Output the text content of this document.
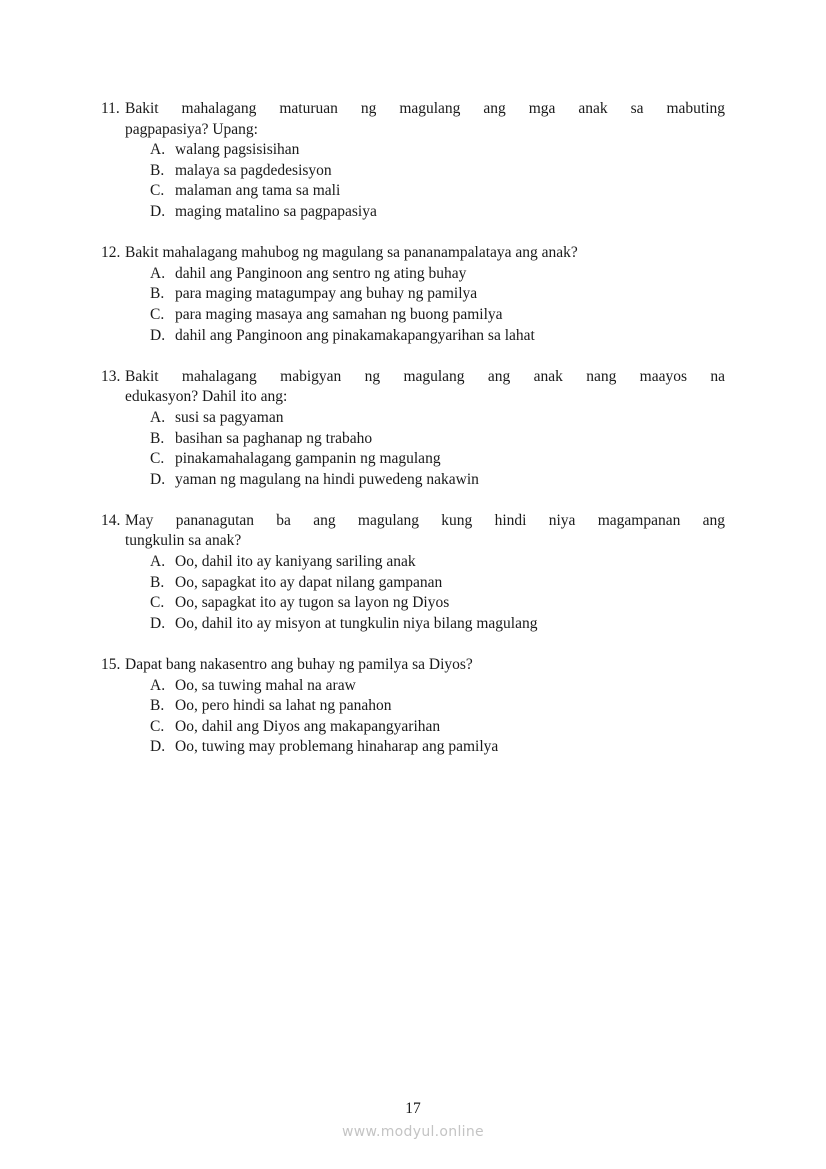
11. Bakit mahalagang maturuan ng magulang ang mga anak sa mabuting
pagpapasiya? Upang:
A. walang pagsisisihan
B. malaya sa pagdedesisyon
C. malaman ang tama sa mali
D. maging matalino sa pagpapasiya
12. Bakit mahalagang mahubog ng magulang sa pananampalataya ang anak?
A. dahil ang Panginoon ang sentro ng ating buhay
B. para maging matagumpay ang buhay ng pamilya
C. para maging masaya ang samahan ng buong pamilya
D. dahil ang Panginoon ang pinakamakapangyarihan sa lahat
13. Bakit mahalagang mabigyan ng magulang ang anak nang maayos na
edukasyon? Dahil ito ang:
A. susi sa pagyaman
B. basihan sa paghanap ng trabaho
C. pinakamahalagang gampanin ng magulang
D. yaman ng magulang na hindi puwedeng nakawin
14. May pananagutan ba ang magulang kung hindi niya magampanan ang
tungkulin sa anak?
A. Oo, dahil ito ay kaniyang sariling anak
B. Oo, sapagkat ito ay dapat nilang gampanan
C. Oo, sapagkat ito ay tugon sa layon ng Diyos
D. Oo, dahil ito ay misyon at tungkulin niya bilang magulang
15. Dapat bang nakasentro ang buhay ng pamilya sa Diyos?
A. Oo, sa tuwing mahal na araw
B. Oo, pero hindi sa lahat ng panahon
C. Oo, dahil ang Diyos ang makapangyarihan
D. Oo, tuwing may problemang hinaharap ang pamilya
17
www.modyul.online
